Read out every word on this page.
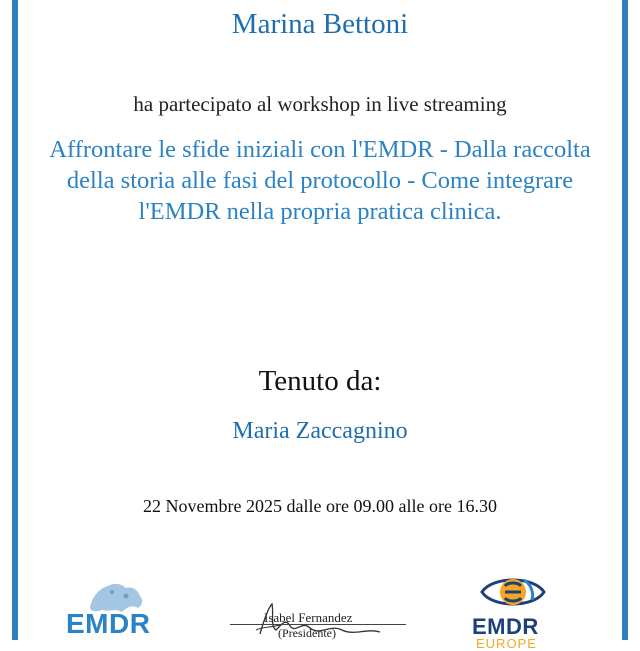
Marina Bettoni
ha partecipato al workshop in live streaming
Affrontare le sfide iniziali con l'EMDR - Dalla raccolta della storia alle fasi del protocollo - Come integrare l'EMDR nella propria pratica clinica.
Tenuto da:
Maria Zaccagnino
22 Novembre 2025 dalle ore 09.00 alle ore 16.30
EMDR	Isabel Fernandez
(Presidente)	EMDR
EUROPE
